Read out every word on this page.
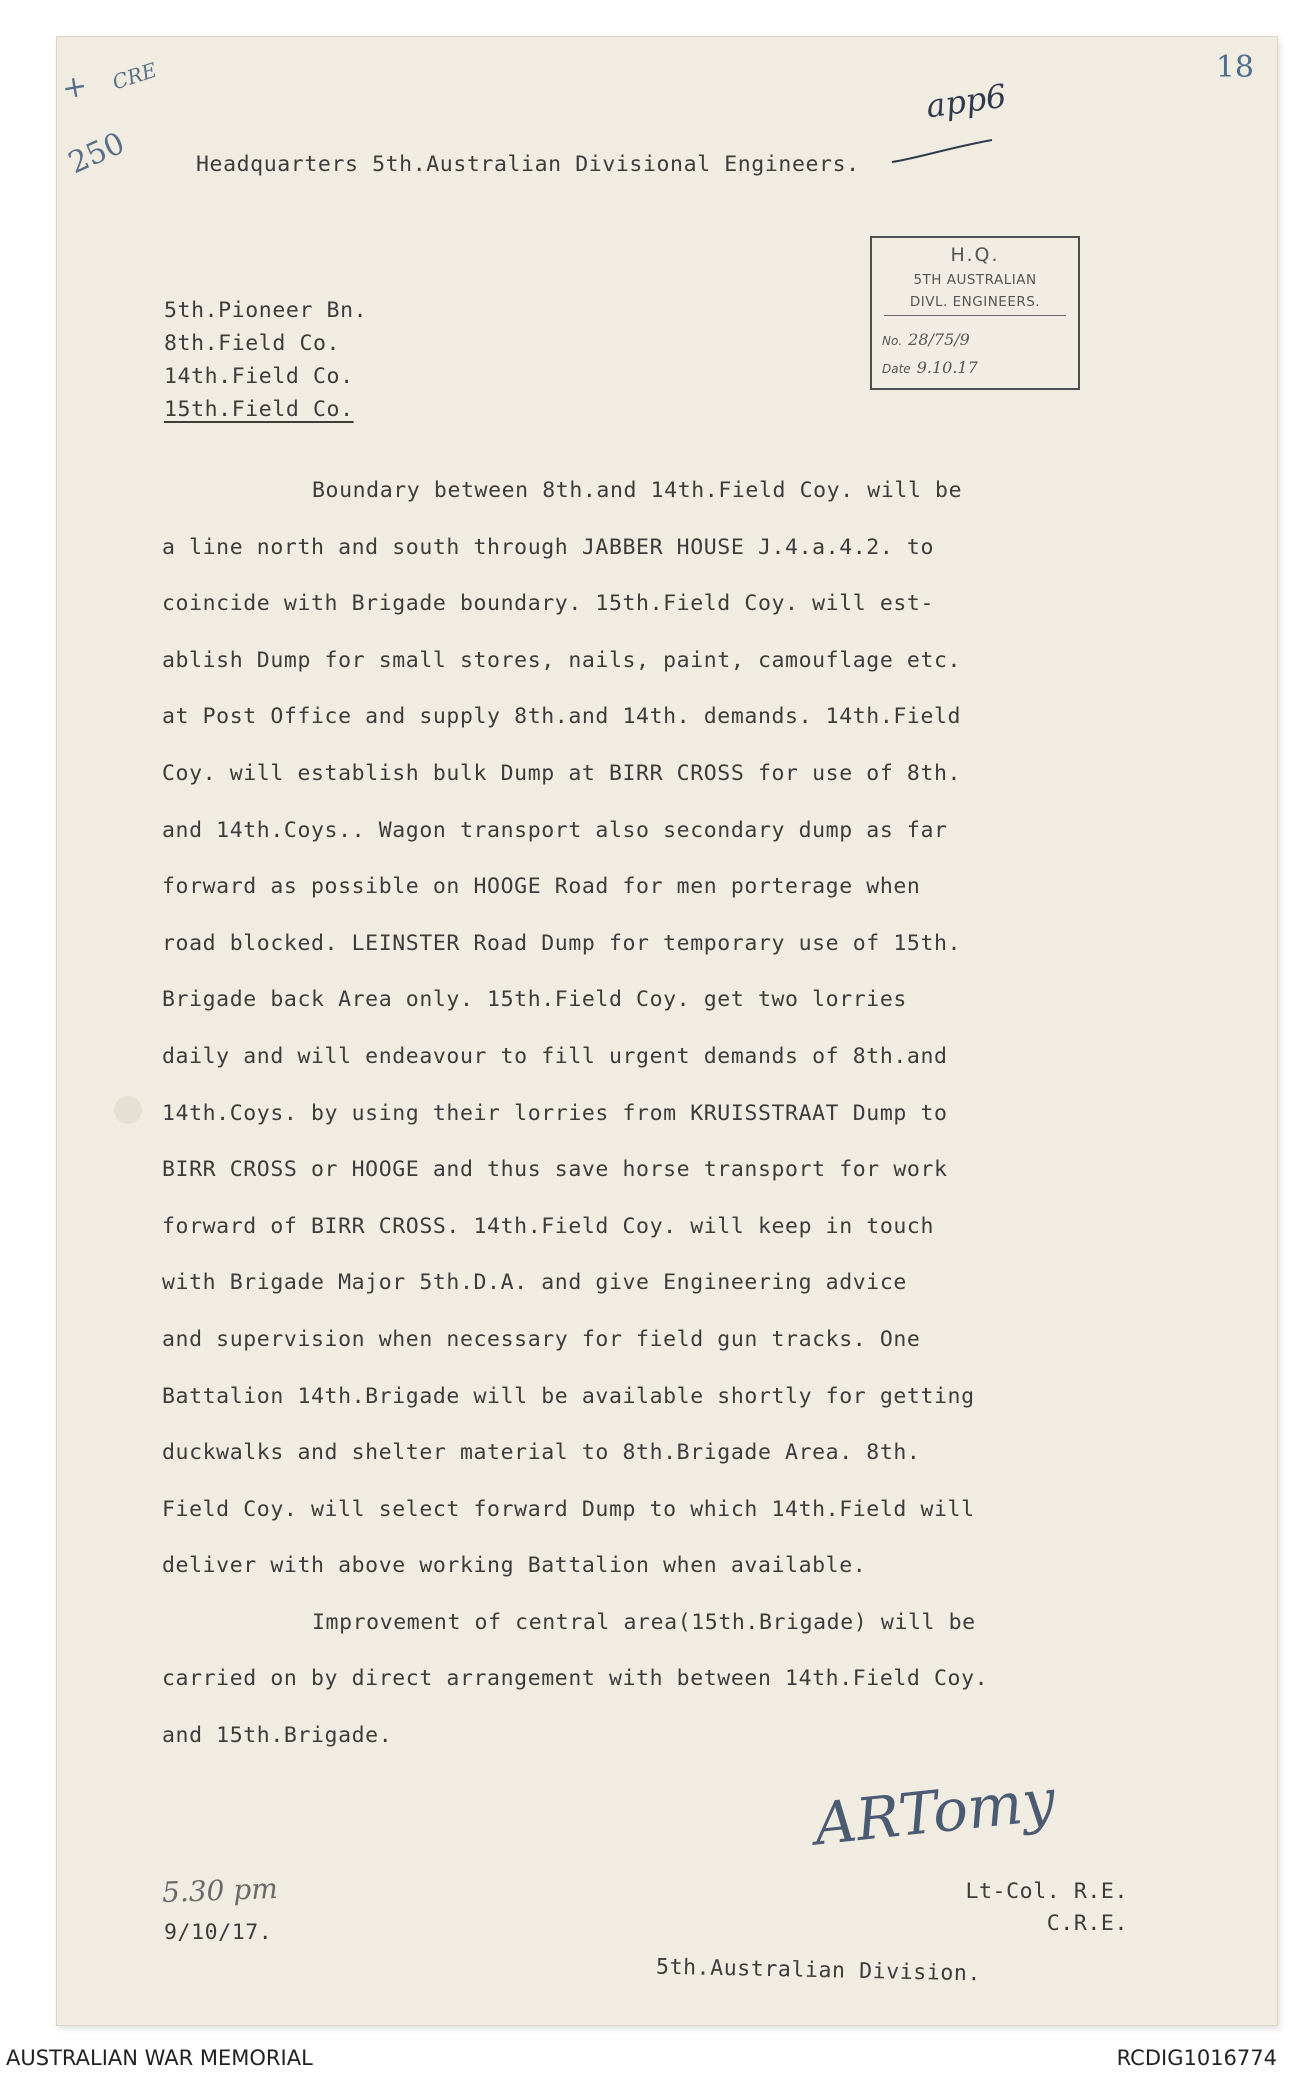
+ CRE
250
app6
18
Headquarters 5th.Australian Divisional Engineers.
H.Q.
5TH AUSTRALIAN
DIVL. ENGINEERS.
No. 28/75/9
Date 9.10.17
5th.Pioneer Bn.
8th.Field Co.
14th.Field Co.
15th.Field Co.

Boundary between 8th.and 14th.Field Coy. will be
a line north and south through JABBER HOUSE J.4.a.4.2. to
coincide with Brigade boundary. 15th.Field Coy. will est-
ablish Dump for small stores, nails, paint, camouflage etc.
at Post Office and supply 8th.and 14th. demands. 14th.Field
Coy. will establish bulk Dump at BIRR CROSS for use of 8th.
and 14th.Coys.. Wagon transport also secondary dump as far
forward as possible on HOOGE Road for men porterage when
road blocked. LEINSTER Road Dump for temporary use of 15th.
Brigade back Area only. 15th.Field Coy. get two lorries
daily and will endeavour to fill urgent demands of 8th.and
14th.Coys. by using their lorries from KRUISSTRAAT Dump to
BIRR CROSS or HOOGE and thus save horse transport for work
forward of BIRR CROSS. 14th.Field Coy. will keep in touch
with Brigade Major 5th.D.A. and give Engineering advice
and supervision when necessary for field gun tracks. One
Battalion 14th.Brigade will be available shortly for getting
duckwalks and shelter material to 8th.Brigade Area. 8th.
Field Coy. will select forward Dump to which 14th.Field will
deliver with above working Battalion when available.

Improvement of central area(15th.Brigade) will be
carried on by direct arrangement with between 14th.Field Coy.
and 15th.Brigade.

ARTomy
5.30 pm
9/10/17.
Lt-Col. R.E.
C.R.E.
5th.Australian Division.
AUSTRALIAN WAR MEMORIAL	RCDIG1016774
